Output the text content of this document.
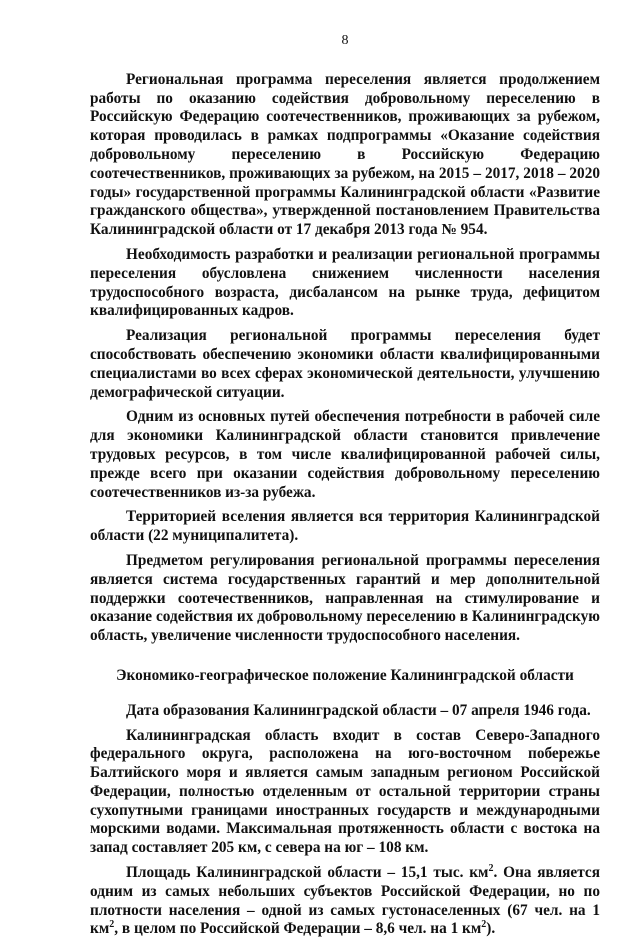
8

Региональная программа переселения является продолжением работы по оказанию содействия добровольному переселению в Российскую Федерацию соотечественников, проживающих за рубежом, которая проводилась в рамках подпрограммы «Оказание содействия добровольному переселению в Российскую Федерацию соотечественников, проживающих за рубежом, на 2015 – 2017, 2018 – 2020 годы» государственной программы Калининградской области «Развитие гражданского общества», утвержденной постановлением Правительства Калининградской области от 17 декабря 2013 года № 954.

Необходимость разработки и реализации региональной программы переселения обусловлена снижением численности населения трудоспособного возраста, дисбалансом на рынке труда, дефицитом квалифицированных кадров.

Реализация региональной программы переселения будет способствовать обеспечению экономики области квалифицированными специалистами во всех сферах экономической деятельности, улучшению демографической ситуации.

Одним из основных путей обеспечения потребности в рабочей силе для экономики Калининградской области становится привлечение трудовых ресурсов, в том числе квалифицированной рабочей силы, прежде всего при оказании содействия добровольному переселению соотечественников из-за рубежа.

Территорией вселения является вся территория Калининградской области (22 муниципалитета).

Предметом регулирования региональной программы переселения является система государственных гарантий и мер дополнительной поддержки соотечественников, направленная на стимулирование и оказание содействия их добровольному переселению в Калининградскую область, увеличение численности трудоспособного населения.

Экономико-географическое положение Калининградской области

Дата образования Калининградской области – 07 апреля 1946 года.

Калининградская область входит в состав Северо-Западного федерального округа, расположена на юго-восточном побережье Балтийского моря и является самым западным регионом Российской Федерации, полностью отделенным от остальной территории страны сухопутными границами иностранных государств и международными морскими водами. Максимальная протяженность области с востока на запад составляет 205 км, с севера на юг – 108 км.

Площадь Калининградской области – 15,1 тыс. $км^2$. Она является одним из самых небольших субъектов Российской Федерации, но по плотности населения – одной из самых густонаселенных (67 чел. на 1 $км^2$, в целом по Российской Федерации – 8,6 чел. на 1 $км^2$).
